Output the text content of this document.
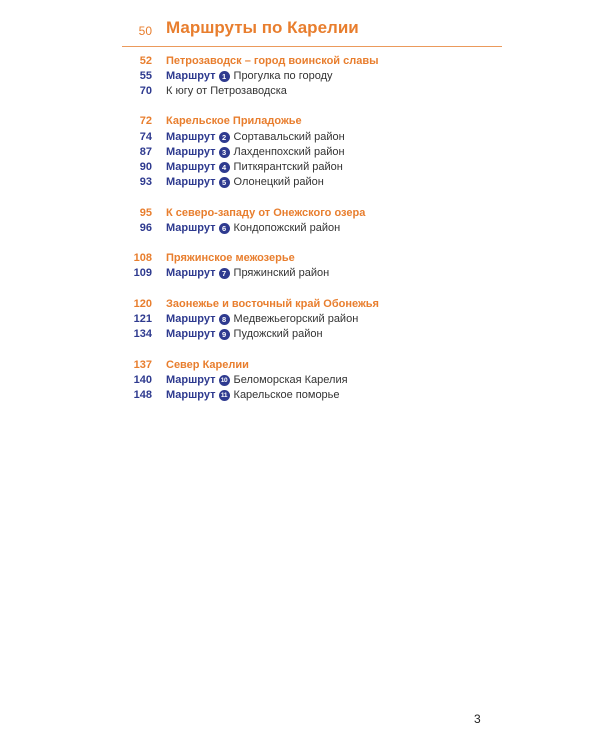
50 Маршруты по Карелии
52 Петрозаводск – город воинской славы
55 Маршрут 1 Прогулка по городу
70 К югу от Петрозаводска
72 Карельское Приладожье
74 Маршрут 2 Сортавальский район
87 Маршрут 3 Лахденпохский район
90 Маршрут 4 Питкярантский район
93 Маршрут 5 Олонецкий район
95 К северо-западу от Онежского озера
96 Маршрут 6 Кондопожский район
108 Пряжинское межозерье
109 Маршрут 7 Пряжинский район
120 Заонежье и восточный край Обонежья
121 Маршрут 8 Медвежьегорский район
134 Маршрут 9 Пудожский район
137 Север Карелии
140 Маршрут 10 Беломорская Карелия
148 Маршрут 11 Карельское поморье
3
